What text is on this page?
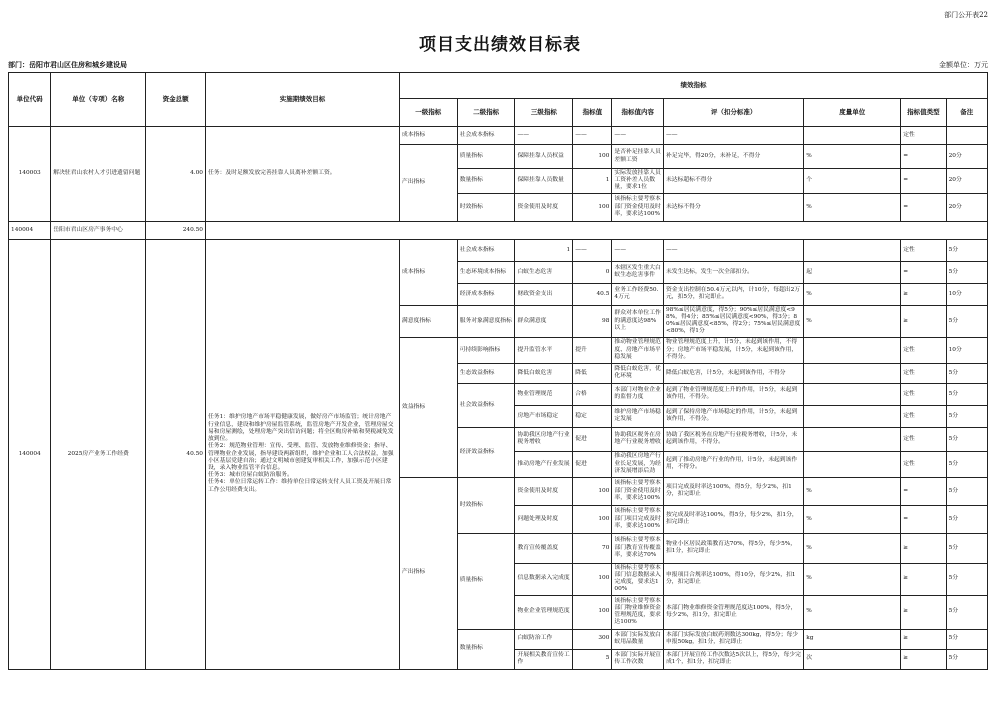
部门公开表22
项目支出绩效目标表
部门：岳阳市君山区住房和城乡建设局	金额单位：万元
单位代码	单位（专项）名称	资金总额	实施期绩效目标	绩效指标								
				一级指标	二级指标	三级指标	指标值	指标值内容	评（扣分标准）	度量单位	指标值类型	备注
140003	解决驻君山农村人才引进遗留问题	4.00	任务：及时足额发放完善挂靠人员离补差额工资。	成本指标	社会成本指标	——	——	——	——		定性	
				产出指标	质量指标	保障挂靠人员权益	100	是否补足挂靠人员差额工资	补足完毕，得20分，未补足，不得分	%	=	20分
					数量指标	保障挂靠人员数量	1	实际发放挂靠人员工资补差人员数量，要求1位	未达标超标不得分	个	=	20分
					时效指标	资金使用及时度	100	该指标主要考察本部门资金使用及时率，要求达100%	未达标不得分	%	=	20分
140004	岳阳市君山区房产事务中心	240.50										
140004	2025房产业务工作经费	40.50	任务1：维护房地产市场平稳健康发展，做好房产市场监管；统计房地产行业信息，建设和维护房屋监管系统，监管房地产开发企业，管理房屋交易和房屋测绘，处理房地产突出信访问题；将全区购房补贴和契税减免发放到位。
任务2：规范物业管理：宣传、受理、监管、发放物业维修资金；指导、管理物业企业发展，指导建设两新组织，维护企业和工人合法权益，加强小区基层党建自治；通过文明城市创建复审相关工作，加强示范小区建设，录入物业监管平台信息。
任务3：城市房屋白蚁防治服务。
任务4：单位日常运转工作：维持单位日常运转支付人员工资及开展日常工作公用经费支出。	成本指标	社会成本指标	1	——	——	——		定性	5分
					生态环境成本指标	白蚁生态危害	0	本辖区发生重大白蚁生态危害事件	未发生达标，发生一次全部扣分。	起	=	5分
					经济成本指标	财政资金支出	40.5	业务工作经费50.4万元	资金支出控制在50.4万元以内，计10分，每超出2万元，扣5分，扣完即止。	%	≥	10分
				满意度指标	服务对象满意度指标	群众满意度	98	群众对本单位工作的满意度达98%以上	98%≤居民满意度，得5分；90%≤居民满意度<98%，得4分；85%≤居民满意度<90%，得3分；80%≤居民满意度<85%，得2分；75%≤居民满意度<80%，得1分	%	≥	5分
				效益指标	可持续影响指标	提升监管水平	提升	推动物业管理规范度、房地产市场平稳发展	物业管理规范度上升，计5分，未起到该作用，不得分；房地产市场平稳发展，计5分，未起到该作用，不得分。		定性	10分
					生态效益指标	降低白蚁危害	降低	降低白蚁危害，优化环境	降低白蚁危害，计5分，未起到该作用，不得分		定性	5分
					社会效益指标	物业管理规范	合格	本部门对物业企业的监督力度	起到了物业管理规范度上升的作用，计5分，未起到该作用，不得分。		定性	5分
						房地产市场稳定	稳定	维护房地产市场稳定发展	起到了保持房地产市场稳定的作用，计5分，未起到该作用，不得分。		定性	5分
					经济效益指标	协助我区房地产行业税务增收	促进	协助我区税务在房地产行业税务增收	协助了我区税务在房地产行业税务增收，计5分，未起到该作用，不得分。		定性	5分
						推动房地产行业发展	促进	推动我区房地产行业长足发展，为经济发展增添后劲	起到了推动房地产行业的作用，计5分，未起到该作用，不得分。		定性	5分
				产出指标	时效指标	资金使用及时度	100	该指标主要考察本部门资金使用及时率，要求达100%	项目完成及时率达100%，得5分，每少2%，扣1分，扣完即止	%	=	5分
						问题处理及时度	100	该指标主要考察本部门项目完成及时率，要求达100%	按完成及时率达100%，得5分，每少2%，扣1分，扣完即止	%	=	5分
					质量指标	教育宣传覆盖度	70	该指标主要考察本部门教育宣传覆盖率，要求达70%	物业小区居民政策教育达70%，得5分，每少5%，扣1分，扣完即止	%	≥	5分
						信息数据录入完成度	100	该指标主要考察本部门信息数据录入完成度，要求达100%	申报项目合规率达100%，得10分，每少2%，扣1分，扣完即止	%	≥	5分
						物业企业管理规范度	100	该指标主要考察本部门物业维修资金管理规范度，要求达100%	本部门物业维修资金管理规范度达100%，得5分，每少2%，扣1分，扣完即止	%	≥	5分
					数量指标	白蚁防治工作	300	本部门实际发放白蚁用品数量	本部门实际发放白蚁药剂数达300kg，得5分；每少申报50kg，扣1分，扣完即止	kg	≥	5分
						开展相关教育宣传工作	5	本部门实际开展宣传工作次数	本部门开展宣传工作次数达5次以上，得5分，每少完成1个，扣1分，扣完即止	次	≥	5分
